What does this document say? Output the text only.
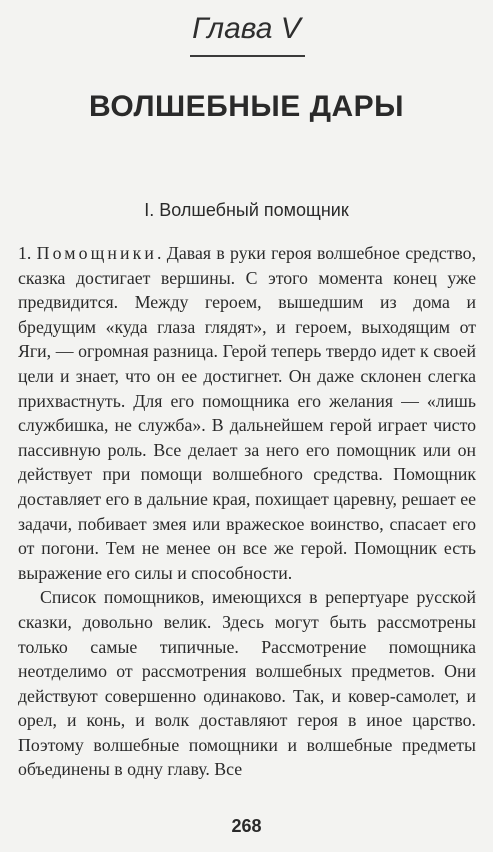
Глава V
ВОЛШЕБНЫЕ ДАРЫ
I. Волшебный помощник

1. Помощники. Давая в руки героя волшебное средство, сказка достигает вершины. С этого момента конец уже предвидится. Между героем, вышедшим из дома и бредущим «куда глаза глядят», и героем, выходящим от Яги, — огромная разница. Герой теперь твердо идет к своей цели и знает, что он ее достигнет. Он даже склонен слегка прихвастнуть. Для его помощника его желания — «лишь службишка, не служба». В дальнейшем герой играет чисто пассивную роль. Все делает за него его помощник или он действует при помощи волшебного средства. Помощник доставляет его в дальние края, похищает царевну, решает ее задачи, побивает змея или вражеское воинство, спасает его от погони. Тем не менее он все же герой. Помощник есть выражение его силы и способности.

Список помощников, имеющихся в репертуаре русской сказки, довольно велик. Здесь могут быть рассмотрены только самые типичные. Рассмотрение помощника неотделимо от рассмотрения волшебных предметов. Они действуют совершенно одинаково. Так, и ковер-самолет, и орел, и конь, и волк доставляют героя в иное царство. Поэтому волшебные помощники и волшебные предметы объединены в одну главу. Все

268
